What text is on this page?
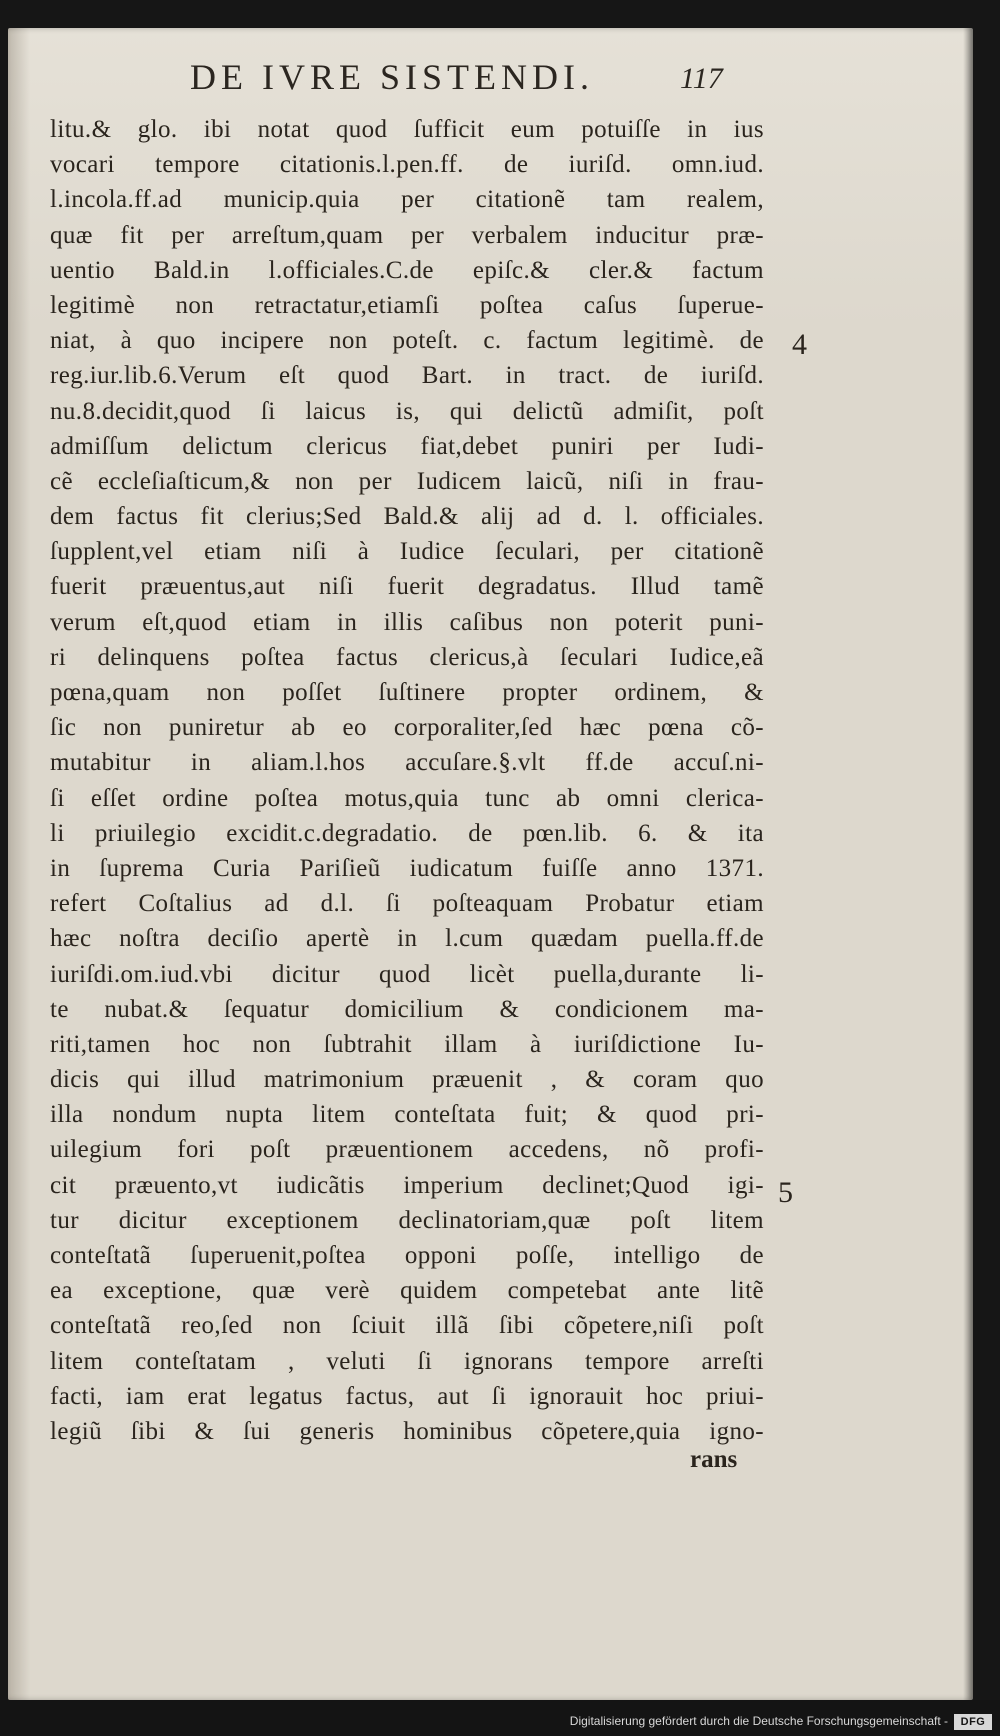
DE IVRE SISTENDI.	117
4
5
litu.& glo. ibi notat quod ſufficit eum potuiſſe in ius
vocari tempore citationis.l.pen.ff. de iuriſd. omn.iud.
l.incola.ff.ad municip.quia per citationẽ tam realem,
quæ fit per arreſtum,quam per verbalem inducitur præ-
uentio Bald.in l.officiales.C.de epiſc.& cler.& factum
legitimè non retractatur,etiamſi poſtea caſus ſuperue-
niat, à quo incipere non poteſt. c. factum legitimè. de
reg.iur.lib.6.Verum eſt quod Bart. in tract. de iuriſd.
nu.8.decidit,quod ſi laicus is, qui delictũ admiſit, poſt
admiſſum delictum clericus fiat,debet puniri per Iudi-
cẽ eccleſiaſticum,& non per Iudicem laicũ, niſi in frau-
dem factus fit clerius;Sed Bald.& alij ad d. l. officiales.
ſupplent,vel etiam niſi à Iudice ſeculari, per citationẽ
fuerit præuentus,aut niſi fuerit degradatus. Illud tamẽ
verum eſt,quod etiam in illis caſibus non poterit puni-
ri delinquens poſtea factus clericus,à ſeculari Iudice,eã
pœna,quam non poſſet ſuſtinere propter ordinem, &
ſic non puniretur ab eo corporaliter,ſed hæc pœna cõ-
mutabitur in aliam.l.hos accuſare.§.vlt ff.de accuſ.ni-
ſi eſſet ordine poſtea motus,quia tunc ab omni clerica-
li priuilegio excidit.c.degradatio. de pœn.lib. 6. & ita
in ſuprema Curia Pariſieũ iudicatum fuiſſe anno 1371.
refert Coſtalius ad d.l. ſi poſteaquam Probatur etiam
hæc noſtra deciſio apertè in l.cum quædam puella.ff.de
iuriſdi.om.iud.vbi dicitur quod licèt puella,durante li-
te nubat.& ſequatur domicilium & condicionem ma-
riti,tamen hoc non ſubtrahit illam à iuriſdictione Iu-
dicis qui illud matrimonium præuenit , & coram quo
illa nondum nupta litem conteſtata fuit; & quod pri-
uilegium fori poſt præuentionem accedens, nõ profi-
cit præuento,vt iudicãtis imperium declinet;Quod igi-
tur dicitur exceptionem declinatoriam,quæ poſt litem
conteſtatã ſuperuenit,poſtea opponi poſſe, intelligo de
ea exceptione, quæ verè quidem competebat ante litẽ
conteſtatã reo,ſed non ſciuit illã ſibi cõpetere,niſi poſt
litem conteſtatam , veluti ſi ignorans tempore arreſti
facti, iam erat legatus factus, aut ſi ignorauit hoc priui-
legiũ ſibi & ſui generis hominibus cõpetere,quia igno-
rans
Digitalisierung gefördert durch die Deutsche Forschungsgemeinschaft -	DFG
